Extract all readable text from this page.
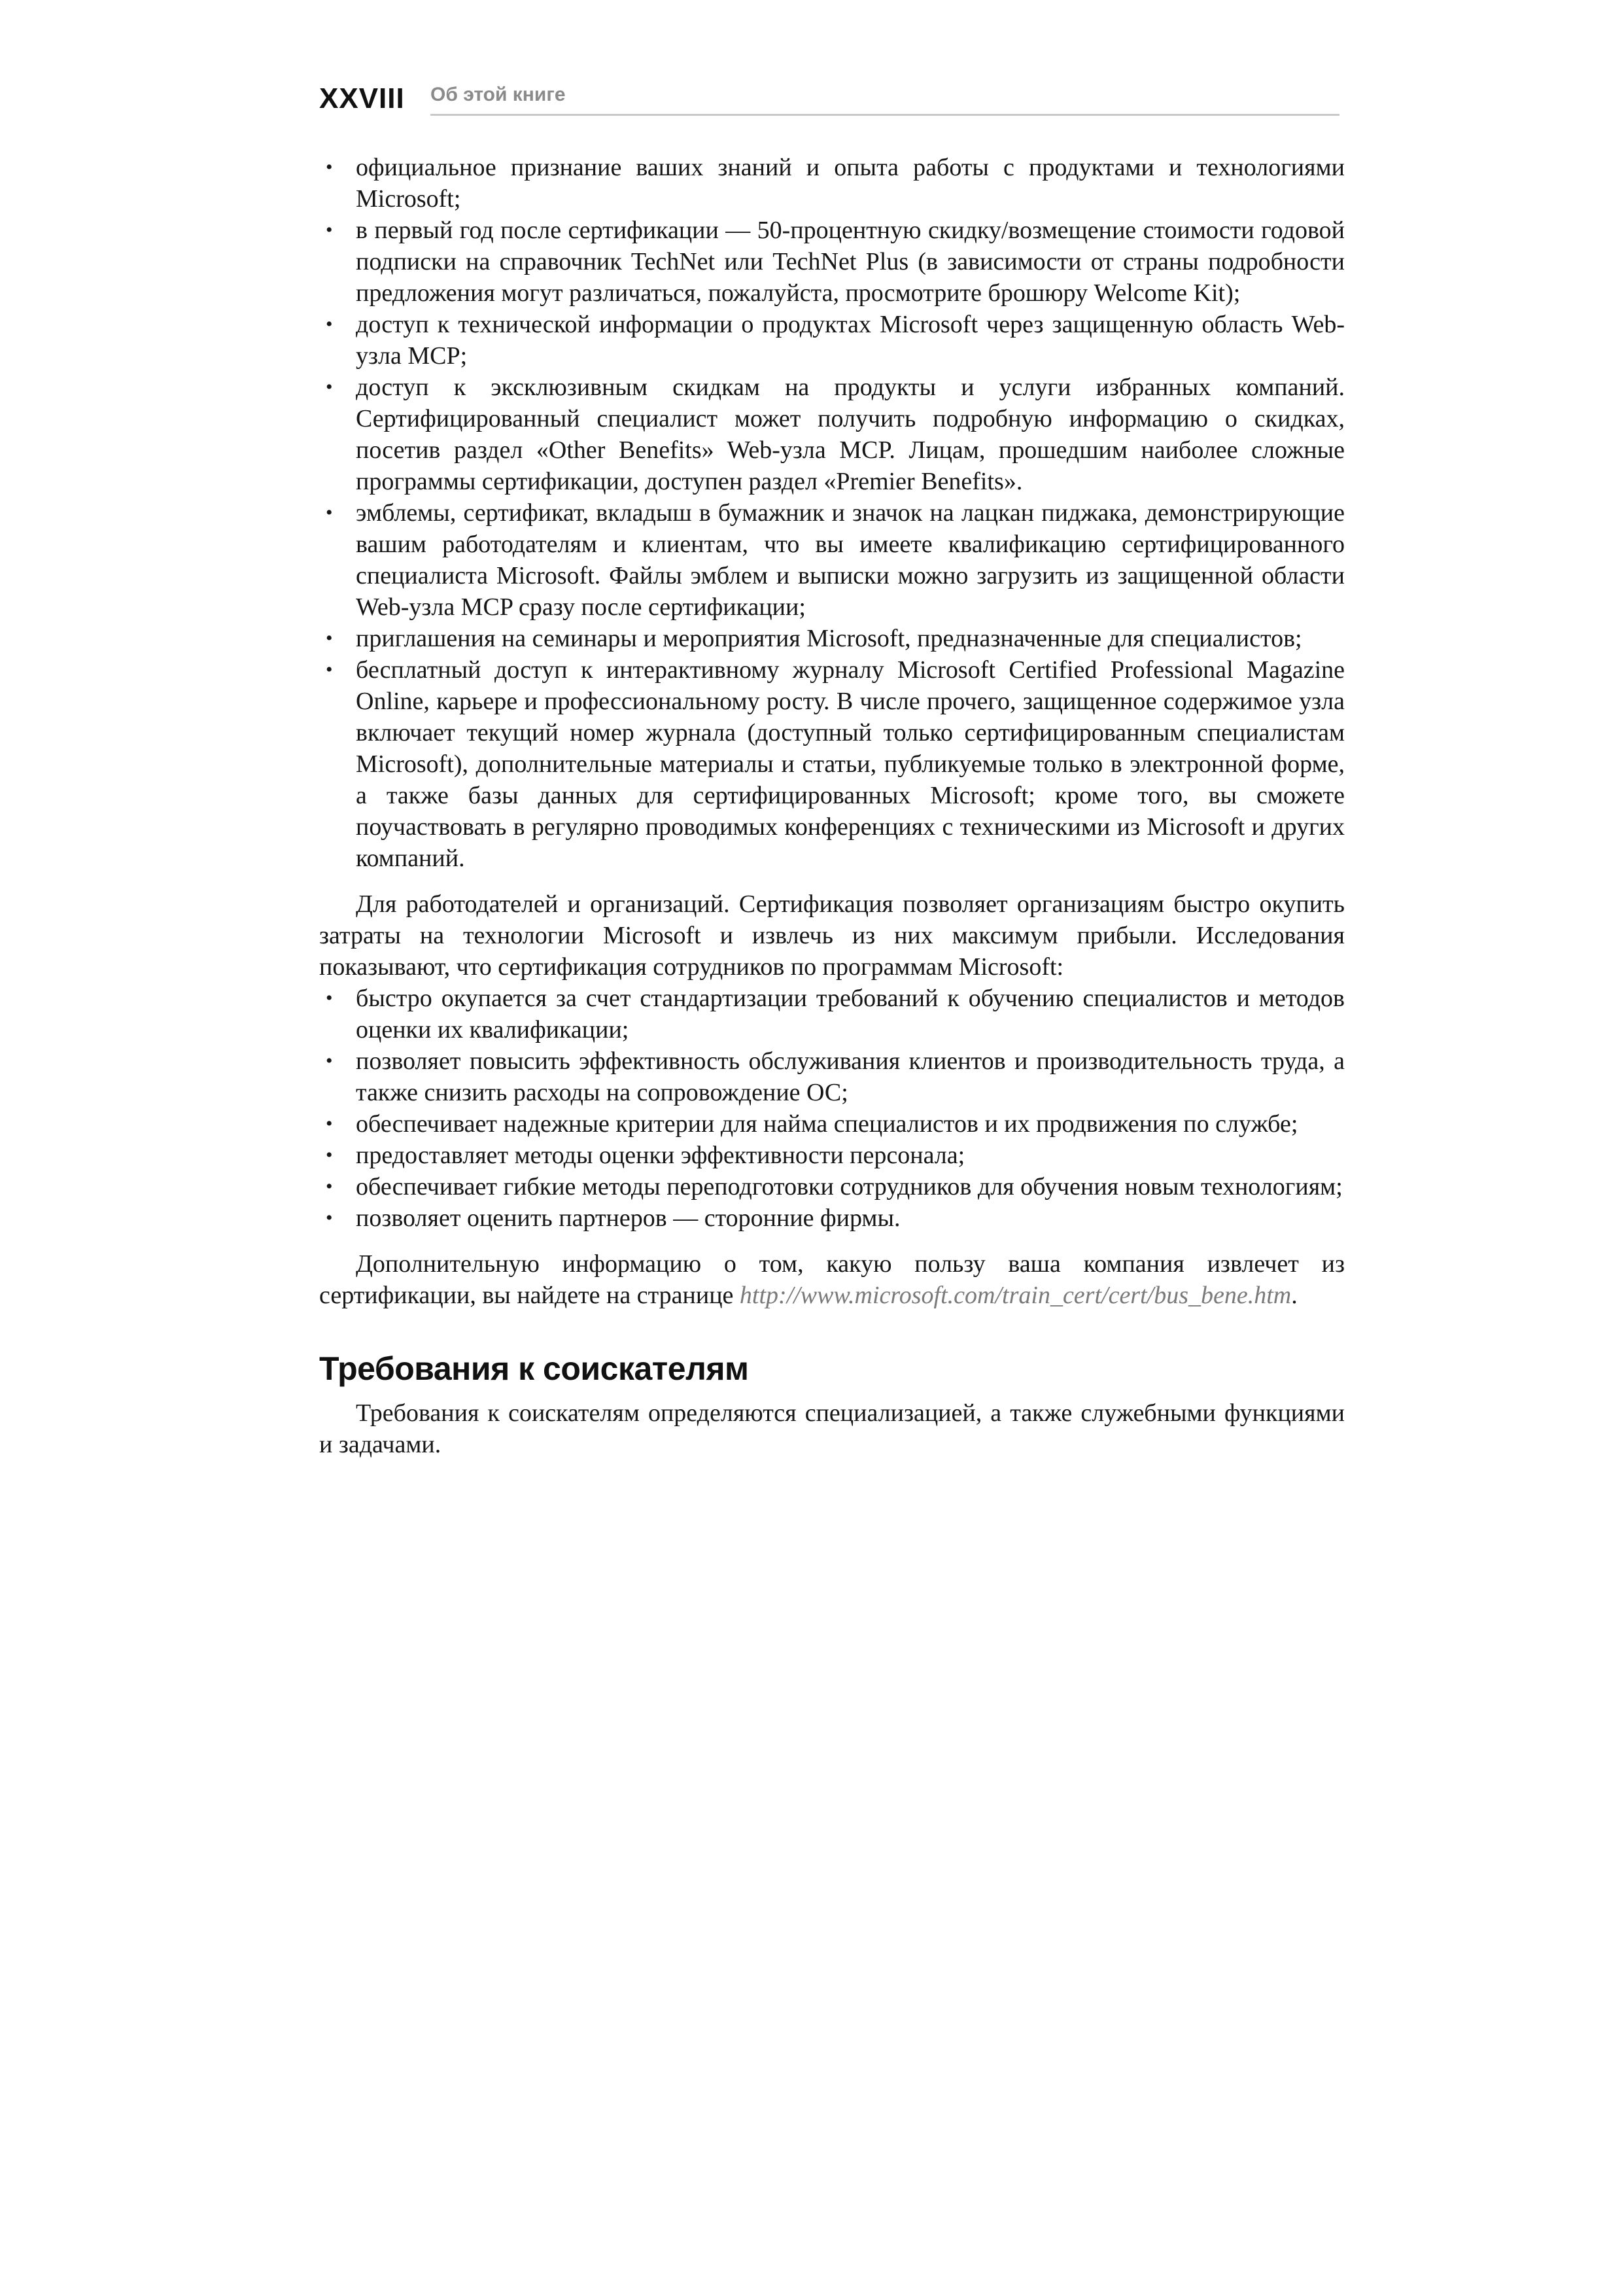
XXVIII Об этой книге
• официальное признание ваших знаний и опыта работы с продуктами и технологиями Microsoft;
• в первый год после сертификации — 50-процентную скидку/возмещение стоимости годовой подписки на справочник TechNet или TechNet Plus (в зависимости от страны подробности предложения могут различаться, пожалуйста, просмотрите брошюру Welcome Kit);
• доступ к технической информации о продуктах Microsoft через защищенную область Web-узла MCP;
• доступ к эксклюзивным скидкам на продукты и услуги избранных компаний. Сертифицированный специалист может получить подробную информацию о скидках, посетив раздел «Other Benefits» Web-узла MCP. Лицам, прошедшим наиболее сложные программы сертификации, доступен раздел «Premier Benefits».
• эмблемы, сертификат, вкладыш в бумажник и значок на лацкан пиджака, демонстрирующие вашим работодателям и клиентам, что вы имеете квалификацию сертифицированного специалиста Microsoft. Файлы эмблем и выписки можно загрузить из защищенной области Web-узла MCP сразу после сертификации;
• приглашения на семинары и мероприятия Microsoft, предназначенные для специалистов;
• бесплатный доступ к интерактивному журналу Microsoft Certified Professional Magazine Online, карьере и профессиональному росту. В числе прочего, защищенное содержимое узла включает текущий номер журнала (доступный только сертифицированным специалистам Microsoft), дополнительные материалы и статьи, публикуемые только в электронной форме, а также базы данных для сертифицированных Microsoft; кроме того, вы сможете поучаствовать в регулярно проводимых конференциях с техническими из Microsoft и других компаний.

Для работодателей и организаций. Сертификация позволяет организациям быстро окупить затраты на технологии Microsoft и извлечь из них максимум прибыли. Исследования показывают, что сертификация сотрудников по программам Microsoft:

• быстро окупается за счет стандартизации требований к обучению специалистов и методов оценки их квалификации;
• позволяет повысить эффективность обслуживания клиентов и производительность труда, а также снизить расходы на сопровождение ОС;
• обеспечивает надежные критерии для найма специалистов и их продвижения по службе;
• предоставляет методы оценки эффективности персонала;
• обеспечивает гибкие методы переподготовки сотрудников для обучения новым технологиям;
• позволяет оценить партнеров — сторонние фирмы.

Дополнительную информацию о том, какую пользу ваша компания извлечет из сертификации, вы найдете на странице http://www.microsoft.com/train_cert/cert/bus_bene.htm.

Требования к соискателям

Требования к соискателям определяются специализацией, а также служебными функциями и задачами.
